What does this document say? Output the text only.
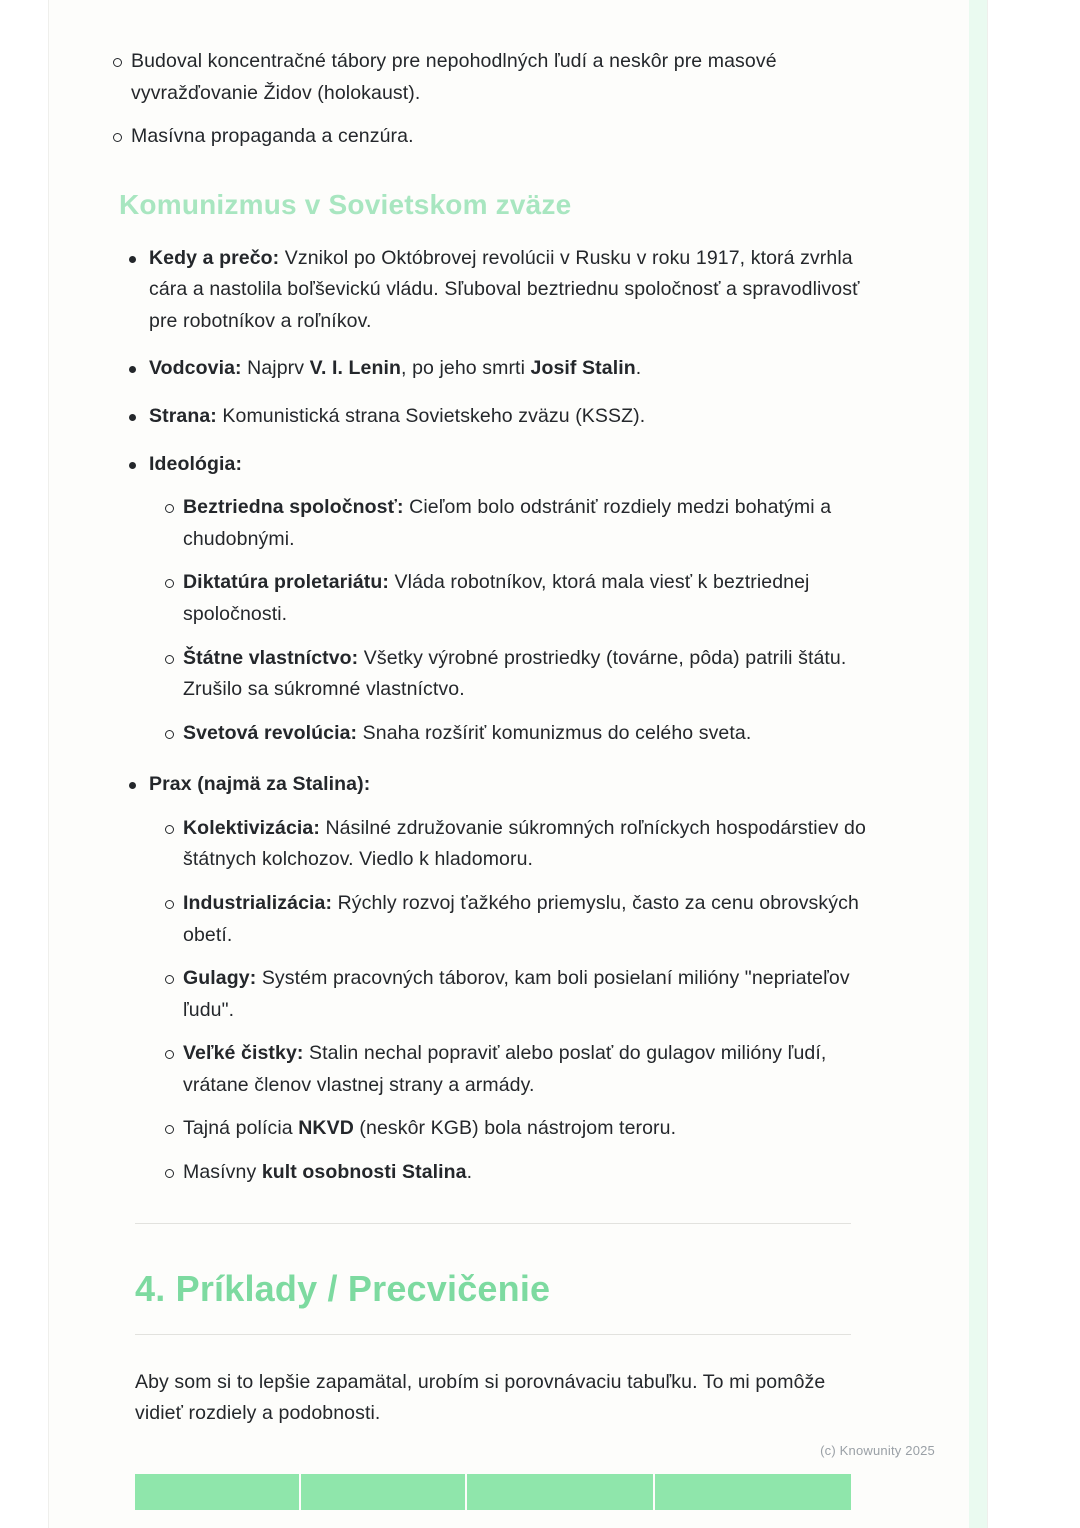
Budoval koncentračné tábory pre nepohodlných ľudí a neskôr pre masové vyvražďovanie Židov (holokaust).
Masívna propaganda a cenzúra.
Komunizmus v Sovietskom zväze
Kedy a prečo: Vznikol po Októbrovej revolúcii v Rusku v roku 1917, ktorá zvrhla cára a nastolila boľševickú vládu. Sľuboval beztriednu spoločnosť a spravodlivosť pre robotníkov a roľníkov.
Vodcovia: Najprv V. I. Lenin, po jeho smrti Josif Stalin.
Strana: Komunistická strana Sovietskeho zväzu (KSSZ).
Ideológia:
Beztriedna spoločnosť: Cieľom bolo odstrániť rozdiely medzi bohatými a chudobnými.
Diktatúra proletariátu: Vláda robotníkov, ktorá mala viesť k beztriednej spoločnosti.
Štátne vlastníctvo: Všetky výrobné prostriedky (továrne, pôda) patrili štátu. Zrušilo sa súkromné vlastníctvo.
Svetová revolúcia: Snaha rozšíriť komunizmus do celého sveta.
Prax (najmä za Stalina):
Kolektivizácia: Násilné združovanie súkromných roľníckych hospodárstiev do štátnych kolchozov. Viedlo k hladomoru.
Industrializácia: Rýchly rozvoj ťažkého priemyslu, často za cenu obrovských obetí.
Gulagy: Systém pracovných táborov, kam boli posielaní milióny "nepriateľov ľudu".
Veľké čistky: Stalin nechal popraviť alebo poslať do gulagov milióny ľudí, vrátane členov vlastnej strany a armády.
Tajná polícia NKVD (neskôr KGB) bola nástrojom teroru.
Masívny kult osobnosti Stalina.
4. Príklady / Precvičenie

Aby som si to lepšie zapamätal, urobím si porovnávaciu tabuľku. To mi pomôže vidieť rozdiely a podobnosti.

(c) Knowunity 2025
